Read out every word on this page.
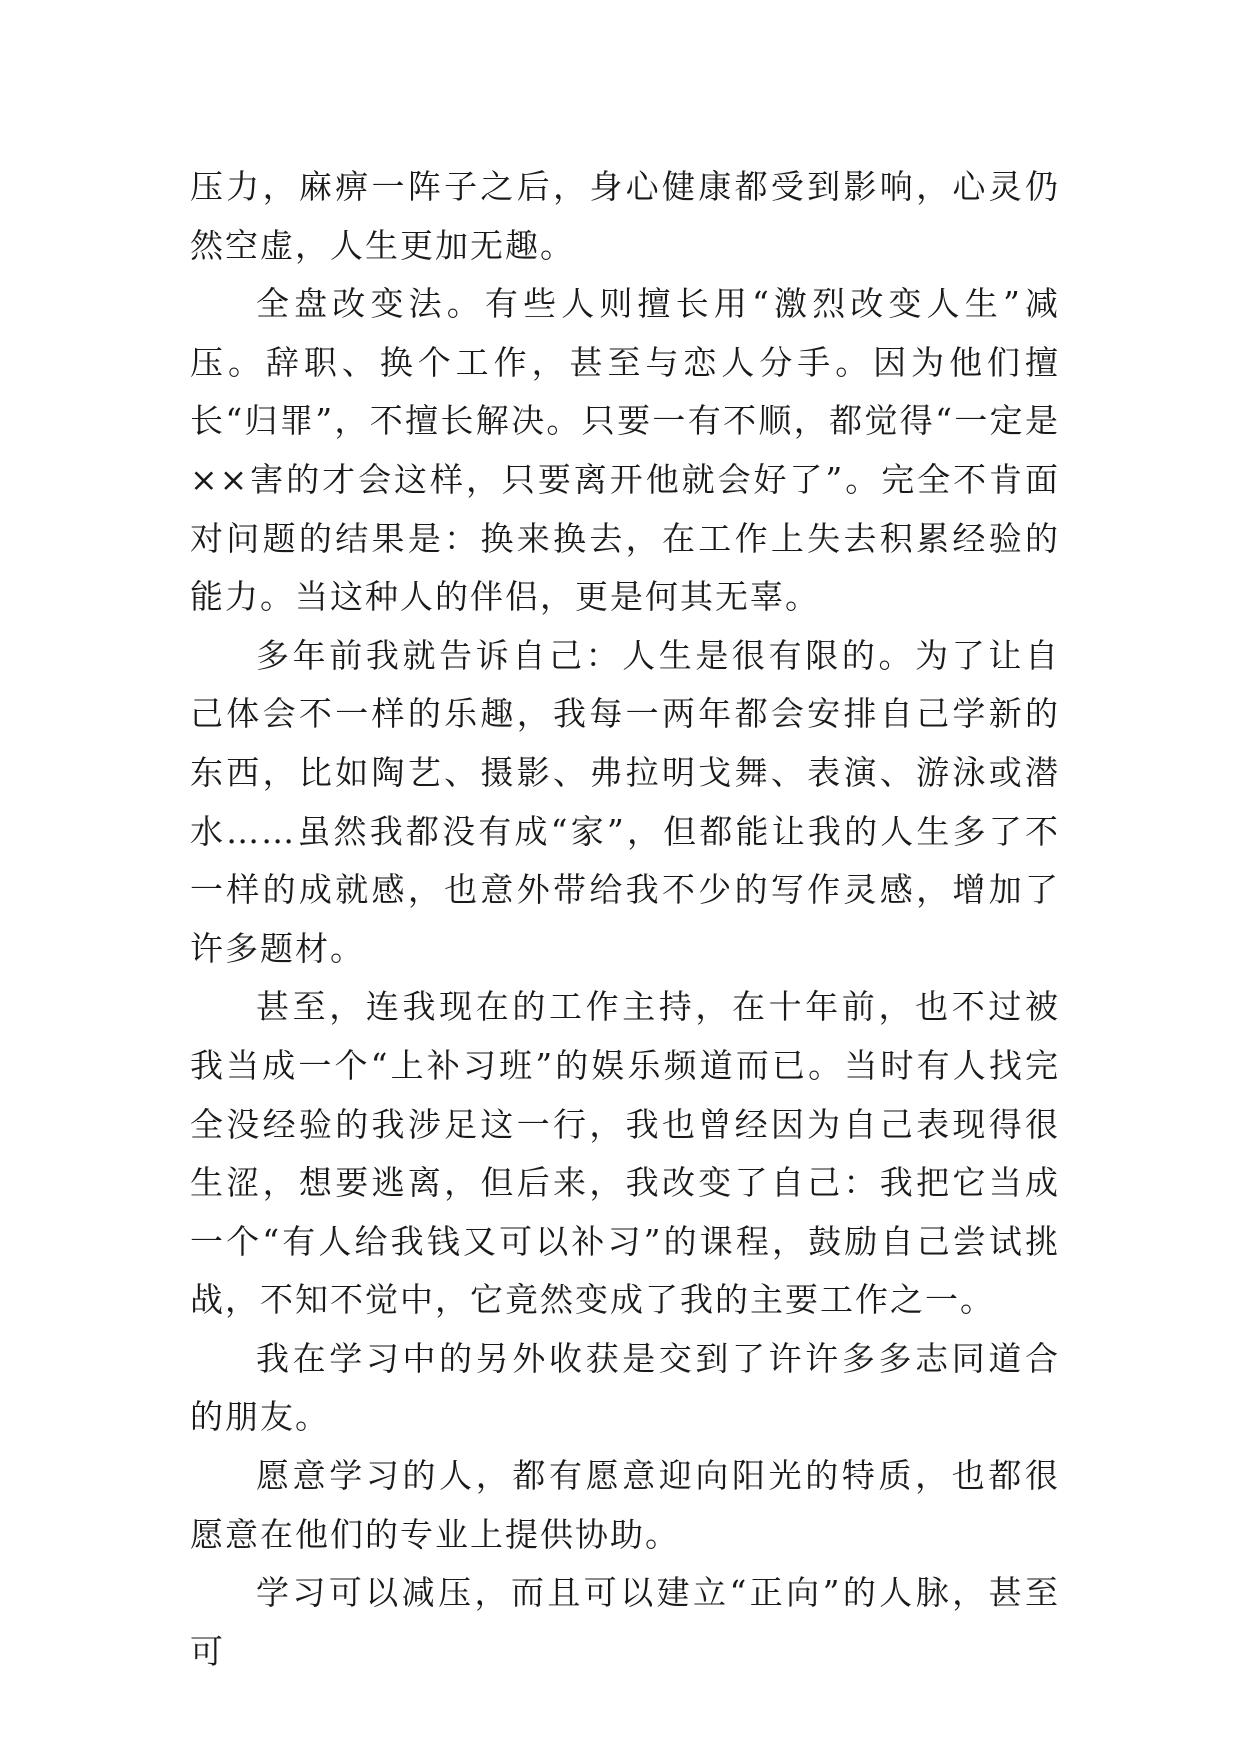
压力，麻痹一阵子之后，身心健康都受到影响，心灵仍然空虚，人生更加无趣。

全盘改变法。有些人则擅长用“激烈改变人生”减压。辞职、换个工作，甚至与恋人分手。因为他们擅长“归罪”，不擅长解决。只要一有不顺，都觉得“一定是××害的才会这样，只要离开他就会好了”。完全不肯面对问题的结果是：换来换去，在工作上失去积累经验的能力。当这种人的伴侣，更是何其无辜。

多年前我就告诉自己：人生是很有限的。为了让自己体会不一样的乐趣，我每一两年都会安排自己学新的东西，比如陶艺、摄影、弗拉明戈舞、表演、游泳或潜水……虽然我都没有成“家”，但都能让我的人生多了不一样的成就感，也意外带给我不少的写作灵感，增加了许多题材。

甚至，连我现在的工作主持，在十年前，也不过被我当成一个“上补习班”的娱乐频道而已。当时有人找完全没经验的我涉足这一行，我也曾经因为自己表现得很生涩，想要逃离，但后来，我改变了自己：我把它当成一个“有人给我钱又可以补习”的课程，鼓励自己尝试挑战，不知不觉中，它竟然变成了我的主要工作之一。

我在学习中的另外收获是交到了许许多多志同道合的朋友。

愿意学习的人，都有愿意迎向阳光的特质，也都很愿意在他们的专业上提供协助。

学习可以减压，而且可以建立“正向”的人脉，甚至可
